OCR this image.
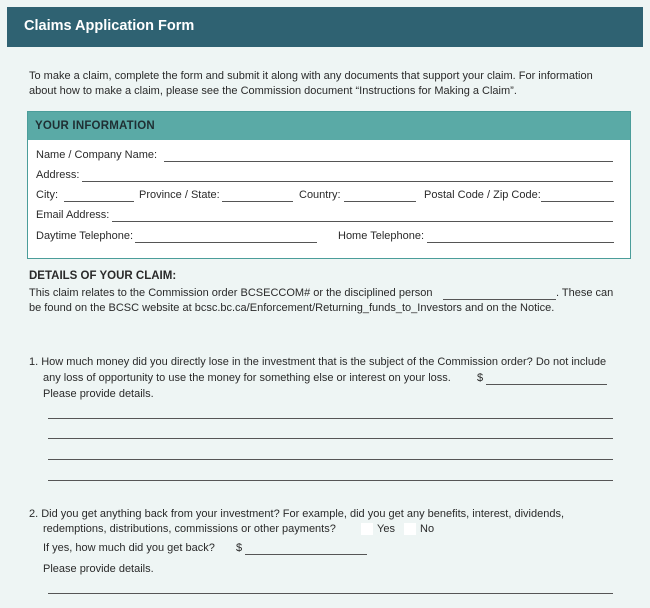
Claims Application Form
To make a claim, complete the form and submit it along with any documents that support your claim. For information
about how to make a claim, please see the Commission document “Instructions for Making a Claim”.
YOUR INFORMATION
Name / Company Name:
Address:
City:	Province / State:	Country:	Postal Code / Zip Code:
Email Address:
Daytime Telephone:	Home Telephone:
DETAILS OF YOUR CLAIM:
This claim relates to the Commission order BCSECCOM# or the disciplined person	. These can
be found on the BCSC website at bcsc.bc.ca/Enforcement/Returning_funds_to_Investors and on the Notice.
1. How much money did you directly lose in the investment that is the subject of the Commission order? Do not include
any loss of opportunity to use the money for something else or interest on your loss. $
Please provide details.
2. Did you get anything back from your investment? For example, did you get any benefits, interest, dividends,
redemptions, distributions, commissions or other payments?	Yes No
If yes, how much did you get back? $
Please provide details.
